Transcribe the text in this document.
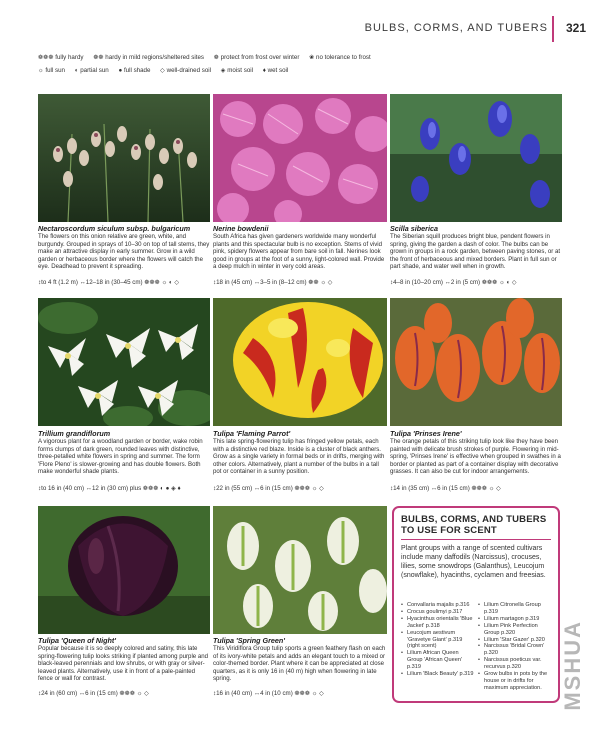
BULBS, CORMS, AND TUBERS 321
❁❁❁ fully hardy ❁❁ hardy in mild regions/sheltered sites ❁ protect from frost over winter ❀ no tolerance to frost
☼ full sun ◐ partial sun ● full shade ◇ well-drained soil ◈ moist soil ♦ wet soil
Nectaroscordum siculum subsp. bulgaricum
The flowers on this onion relative are green, white, and burgundy. Grouped in sprays of 10–30 on top of tall stems, they make an attractive display in early summer. Grow in a wild garden or herbaceous border where the flowers will catch the eye. Deadhead to prevent it spreading.
↕to 4 ft (1.2 m) ↔12–18 in (30–45 cm) ❁❁❁ ☼ ◐ ◇
Nerine bowdenii
South Africa has given gardeners worldwide many wonderful plants and this spectacular bulb is no exception. Stems of vivid pink, spidery flowers appear from bare soil in fall. Nerines look good in groups at the foot of a sunny, light-colored wall. Provide a deep mulch in winter in very cold areas.
↕18 in (45 cm) ↔3–5 in (8–12 cm) ❁❁ ☼ ◇
Scilla siberica
The Siberian squill produces bright blue, pendent flowers in spring, giving the garden a dash of color. The bulbs can be grown in groups in a rock garden, between paving stones, or at the front of herbaceous and mixed borders. Plant in full sun or part shade, and water well when in growth.
↕4–8 in (10–20 cm) ↔2 in (5 cm) ❁❁❁ ☼ ◐ ◇
Trillium grandiflorum
A vigorous plant for a woodland garden or border, wake robin forms clumps of dark green, rounded leaves with distinctive, three-petalled white flowers in spring and summer. The form 'Flore Pleno' is slower-growing and has double flowers. Both make wonderful shade plants.
↕to 16 in (40 cm) ↔12 in (30 cm) plus ❁❁❁ ◐ ● ◈ ♦
Tulipa 'Flaming Parrot'
This late spring-flowering tulip has fringed yellow petals, each with a distinctive red blaze. Inside is a cluster of black anthers. Grow as a single variety in formal beds or in drifts, merging with other colors. Alternatively, plant a number of the bulbs in a tall pot or container in a sunny position.
↕22 in (55 cm) ↔6 in (15 cm) ❁❁❁ ☼ ◇
Tulipa 'Prinses Irene'
The orange petals of this striking tulip look like they have been painted with delicate brush strokes of purple. Flowering in mid-spring, 'Prinses Irene' is effective when grouped in swathes in a border or planted as part of a container display with decorative grasses. It can also be cut for indoor arrangements.
↕14 in (35 cm) ↔6 in (15 cm) ❁❁❁ ☼ ◇
Tulipa 'Queen of Night'
Popular because it is so deeply colored and satiny, this late spring-flowering tulip looks striking if planted among purple and black-leaved perennials and low shrubs, or with gray or silver-leaved plants. Alternatively, use it in front of a pale-painted fence or wall for contrast.
↕24 in (60 cm) ↔6 in (15 cm) ❁❁❁ ☼ ◇
Tulipa 'Spring Green'
This Viridiflora Group tulip sports a green feathery flash on each of its ivory-white petals and adds an elegant touch to a mixed or color-themed border. Plant where it can be appreciated at close quarters, as it is only 16 in (40 m) high when flowering in late spring.
↕16 in (40 cm) ↔4 in (10 cm) ❁❁❁ ☼ ◇
BULBS, CORMS, AND TUBERS
TO USE FOR SCENT
Plant groups with a range of scented cultivars include many daffodils (Narcissus), crocuses, lilies, some snowdrops (Galanthus), Leucojum (snowflake), hyacinths, cyclamen and freesias.
• Convallaria majalis p.316
• Crocus goulimyi p.317
• Hyacinthus orientalis 'Blue Jacket' p.318
• Leucojum aestivum 'Gravetye Giant' p.319 (right scent)
• Lilium African Queen Group 'African Queen' p.319
• Lilium 'Black Beauty' p.319
• Lilium Citronella Group p.319
• Lilium martagon p.319
• Lilium Pink Perfection Group p.320
• Lilium 'Star Gazer' p.320
• Narcissus 'Bridal Crown' p.320
• Narcissus poeticus var. recurvus p.320
• Grow bulbs in pots by the house or in drifts for maximum appreciation. MSHUA
